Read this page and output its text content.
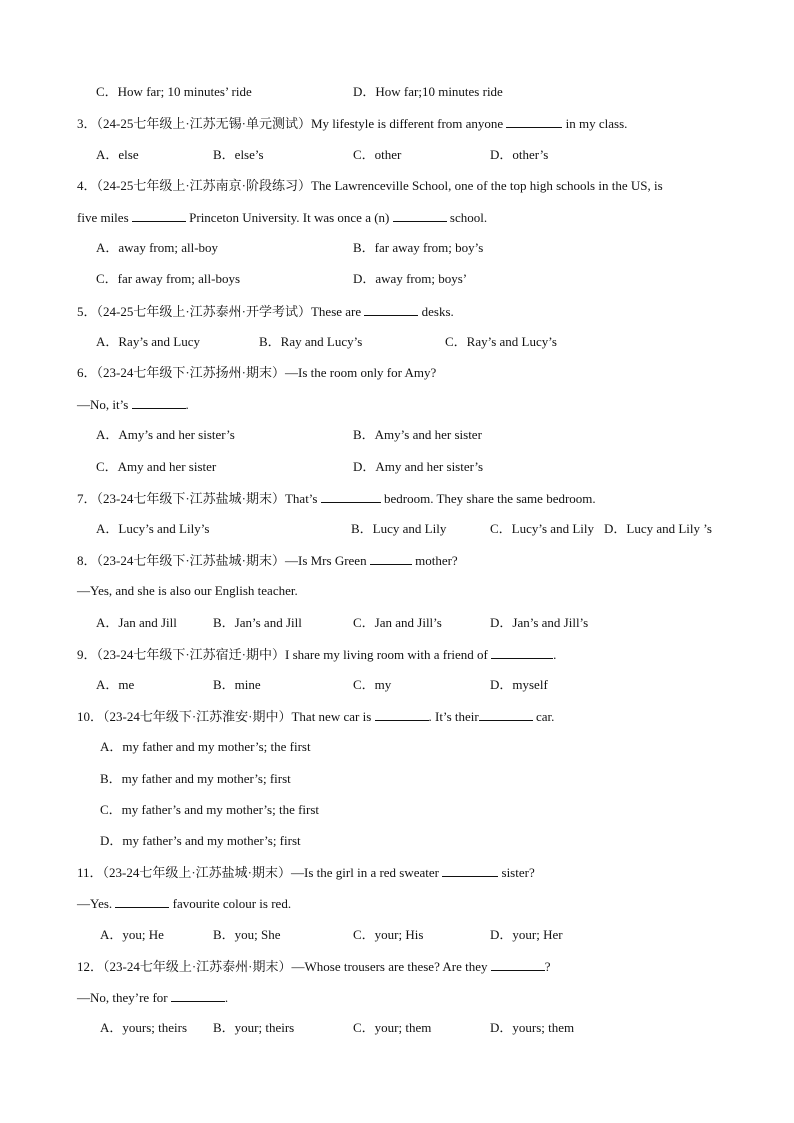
C．How far; 10 minutes’ ride	D．How far;10 minutes ride
3．（24-25七年级上·江苏无锡·单元测试）My lifestyle is different from anyone	in my class.
A．else	B．else’s	C．other	D．other’s
4．（24-25七年级上·江苏南京·阶段练习）The Lawrenceville School, one of the top high schools in the US, is
five miles	Princeton University. It was once a (n)	school.
A．away from; all-boy	B．far away from; boy’s
C．far away from; all-boys	D．away from; boys’
5．（24-25七年级上·江苏泰州·开学考试）These are	desks.
A．Ray’s and Lucy	B．Ray and Lucy’s	C．Ray’s and Lucy’s
6．（23-24七年级下·江苏扬州·期末）—Is the room only for Amy?
—No, it’s	.
A．Amy’s and her sister’s	B．Amy’s and her sister
C．Amy and her sister	D．Amy and her sister’s
7．（23-24七年级下·江苏盐城·期末）That’s	bedroom. They share the same bedroom.
A．Lucy’s and Lily’s	B．Lucy and Lily	C．Lucy’s and Lily D．Lucy and Lily ’s
8．（23-24七年级下·江苏盐城·期末）—Is Mrs Green	mother?
—Yes, and she is also our English teacher.
A．Jan and Jill	B．Jan’s and Jill	C．Jan and Jill’s	D．Jan’s and Jill’s
9．（23-24七年级下·江苏宿迁·期中）I share my living room with a friend of	.
A．me	B．mine	C．my	D．myself
10．（23-24七年级下·江苏淮安·期中）That new car is	. It’s their	car.
A．my father and my mother’s; the first
B．my father and my mother’s; first
C．my father’s and my mother’s; the first
D．my father’s and my mother’s; first
11．（23-24七年级上·江苏盐城·期末）—Is the girl in a red sweater	sister?
—Yes.	favourite colour is red.
A．you; He	B．you; She	C．your; His	D．your; Her
12．（23-24七年级上·江苏泰州·期末）—Whose trousers are these? Are they	?
—No, they’re for	.
A．yours; theirs B．your; theirs	C．your; them	D．yours; them
